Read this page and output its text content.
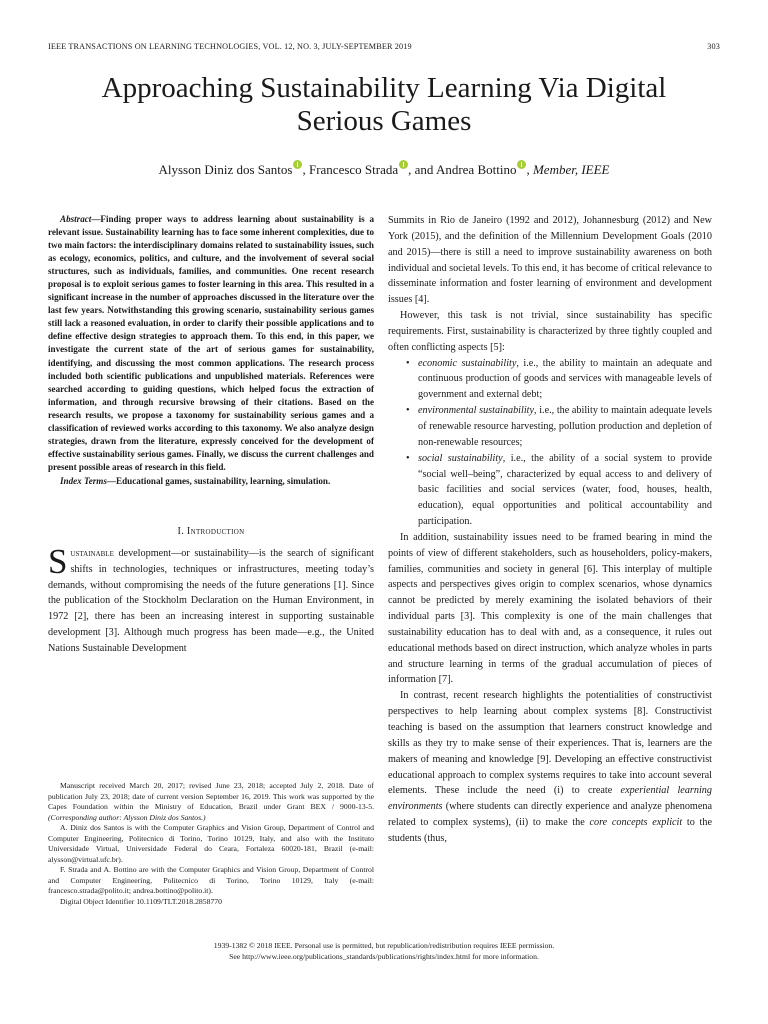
IEEE TRANSACTIONS ON LEARNING TECHNOLOGIES, VOL. 12, NO. 3, JULY-SEPTEMBER 2019	303
Approaching Sustainability Learning Via Digital
Serious Games
Alysson Diniz dos Santos , Francesco Strada , and Andrea Bottino , Member, IEEE

Abstract—Finding proper ways to address learning about sustainability is a relevant issue. Sustainability learning has to face some inherent complexities, due to two main factors: the interdisciplinary domains related to sustainability issues, such as ecology, economics, politics, and culture, and the involvement of several social structures, such as individuals, families, and communities. One recent research proposal is to exploit serious games to foster learning in this area. This resulted in a significant increase in the number of approaches discussed in the literature over the last few years. Notwithstanding this growing scenario, sustainability serious games still lack a reasoned evaluation, in order to clarify their possible applications and to define effective design strategies to approach them. To this end, in this paper, we investigate the current state of the art of serious games for sustainability, identifying, and discussing the most common applications. The research process included both scientific publications and unpublished materials. References were searched according to guiding questions, which helped focus the extraction of information, and through recursive browsing of their citations. Based on the research results, we propose a taxonomy for sustainability serious games and a classification of reviewed works according to this taxonomy. We also analyze design strategies, drawn from the literature, expressly conceived for the development of effective sustainability serious games. Finally, we discuss the current challenges and present possible areas of research in this field.

Index Terms—Educational games, sustainability, learning, simulation.

I. Introduction

Sustainable development—or sustainability—is the search of significant shifts in technologies, techniques or infrastructures, meeting today’s demands, without compromising the needs of the future generations [1]. Since the publication of the Stockholm Declaration on the Human Environment, in 1972 [2], there has been an increasing interest in supporting sustainable development [3]. Although much progress has been made—e.g., the United Nations Sustainable Development

Manuscript received March 20, 2017; revised June 23, 2018; accepted July 2, 2018. Date of publication July 23, 2018; date of current version September 16, 2019. This work was supported by the Capes Foundation within the Ministry of Education, Brazil under Grant BEX / 9000-13-5. (Corresponding author: Alysson Diniz dos Santos.)

A. Diniz dos Santos is with the Computer Graphics and Vision Group, Department of Control and Computer Engineering, Politecnico di Torino, Torino 10129, Italy, and also with the Instituto Universidade Virtual, Universidade Federal do Ceara, Fortaleza 60020-181, Brazil (e-mail: alysson@virtual.ufc.br).

F. Strada and A. Bottino are with the Computer Graphics and Vision Group, Department of Control and Computer Engineering, Politecnico di Torino, Torino 10129, Italy (e-mail: francesco.strada@polito.it; andrea.bottino@polito.it).

Digital Object Identifier 10.1109/TLT.2018.2858770

Summits in Rio de Janeiro (1992 and 2012), Johannesburg (2012) and New York (2015), and the definition of the Millennium Development Goals (2010 and 2015)—there is still a need to improve sustainability awareness on both individual and societal levels. To this end, it has become of critical relevance to disseminate information and foster learning of environment and development issues [4].

However, this task is not trivial, since sustainability has specific requirements. First, sustainability is characterized by three tightly coupled and often conflicting aspects [5]:

• economic sustainability, i.e., the ability to maintain an adequate and continuous production of goods and services with manageable levels of government and external debt;
• environmental sustainability, i.e., the ability to maintain adequate levels of renewable resource harvesting, pollution production and depletion of non-renewable resources;
• social sustainability, i.e., the ability of a social system to provide “social well–being”, characterized by equal access to and delivery of basic facilities and social services (water, food, houses, health, education), equal opportunities and political accountability and participation.

In addition, sustainability issues need to be framed bearing in mind the points of view of different stakeholders, such as householders, policy-makers, families, communities and society in general [6]. This interplay of multiple aspects and perspectives gives origin to complex scenarios, whose dynamics cannot be predicted by merely examining the isolated behaviors of their individual parts [3]. This complexity is one of the main challenges that sustainability education has to deal with and, as a consequence, it rules out educational methods based on direct instruction, which analyze wholes in parts and structure learning in terms of the gradual accumulation of pieces of information [7].

In contrast, recent research highlights the potentialities of constructivist perspectives to help learning about complex systems [8]. Constructivist teaching is based on the assumption that learners construct knowledge and skills as they try to make sense of their experiences. That is, learners are the makers of meaning and knowledge [9]. Developing an effective constructivist educational approach to complex systems requires to take into account several elements. These include the need (i) to create experiential learning environments (where students can directly experience and analyze phenomena related to complex systems), (ii) to make the core concepts explicit to the students (thus,

1939-1382 © 2018 IEEE. Personal use is permitted, but republication/redistribution requires IEEE permission.
See http://www.ieee.org/publications_standards/publications/rights/index.html for more information.
